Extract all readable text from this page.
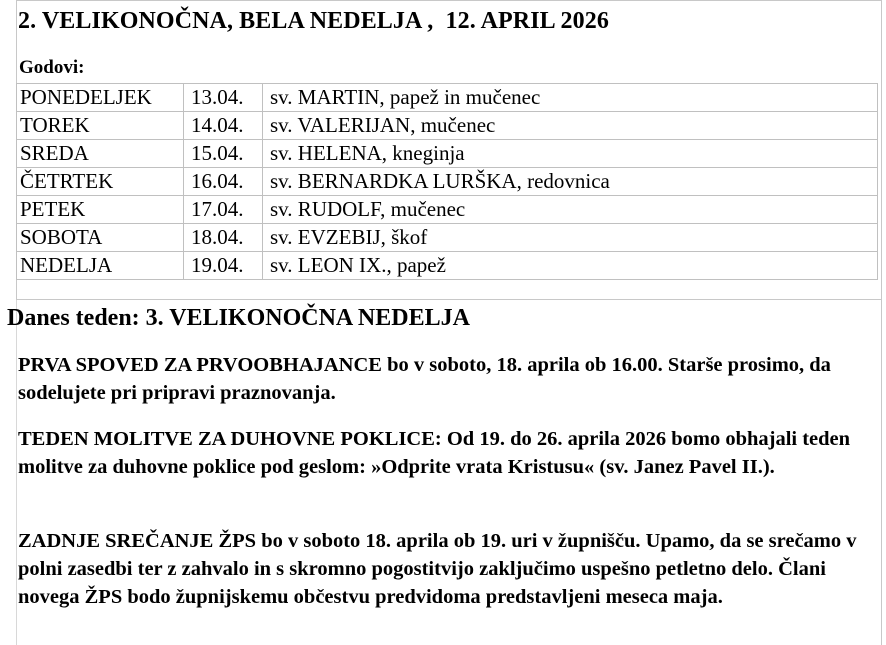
2. VELIKONOČNA, BELA NEDELJA ,  12. APRIL 2026
Godovi:
PONEDELJEK	13.04.	sv. MARTIN, papež in mučenec
TOREK	14.04.	sv. VALERIJAN, mučenec
SREDA	15.04.	sv. HELENA, kneginja
ČETRTEK	16.04.	sv. BERNARDKA LURŠKA, redovnica
PETEK	17.04.	sv. RUDOLF, mučenec
SOBOTA	18.04.	sv. EVZEBIJ, škof
NEDELJA	19.04.	sv. LEON IX., papež
Danes teden: 3. VELIKONOČNA NEDELJA

PRVA SPOVED ZA PRVOOBHAJANCE bo v soboto, 18. aprila ob 16.00. Starše prosimo, da sodelujete pri pripravi praznovanja.

TEDEN MOLITVE ZA DUHOVNE POKLICE: Od 19. do 26. aprila 2026 bomo obhajali teden molitve za duhovne poklice pod geslom: »Odprite vrata Kristusu« (sv. Janez Pavel II.).

ZADNJE SREČANJE ŽPS bo v soboto 18. aprila ob 19. uri v župnišču. Upamo, da se srečamo v polni zasedbi ter z zahvalo in s skromno pogostitvijo zaključimo uspešno petletno delo. Člani novega ŽPS bodo župnijskemu občestvu predvidoma predstavljeni meseca maja.
